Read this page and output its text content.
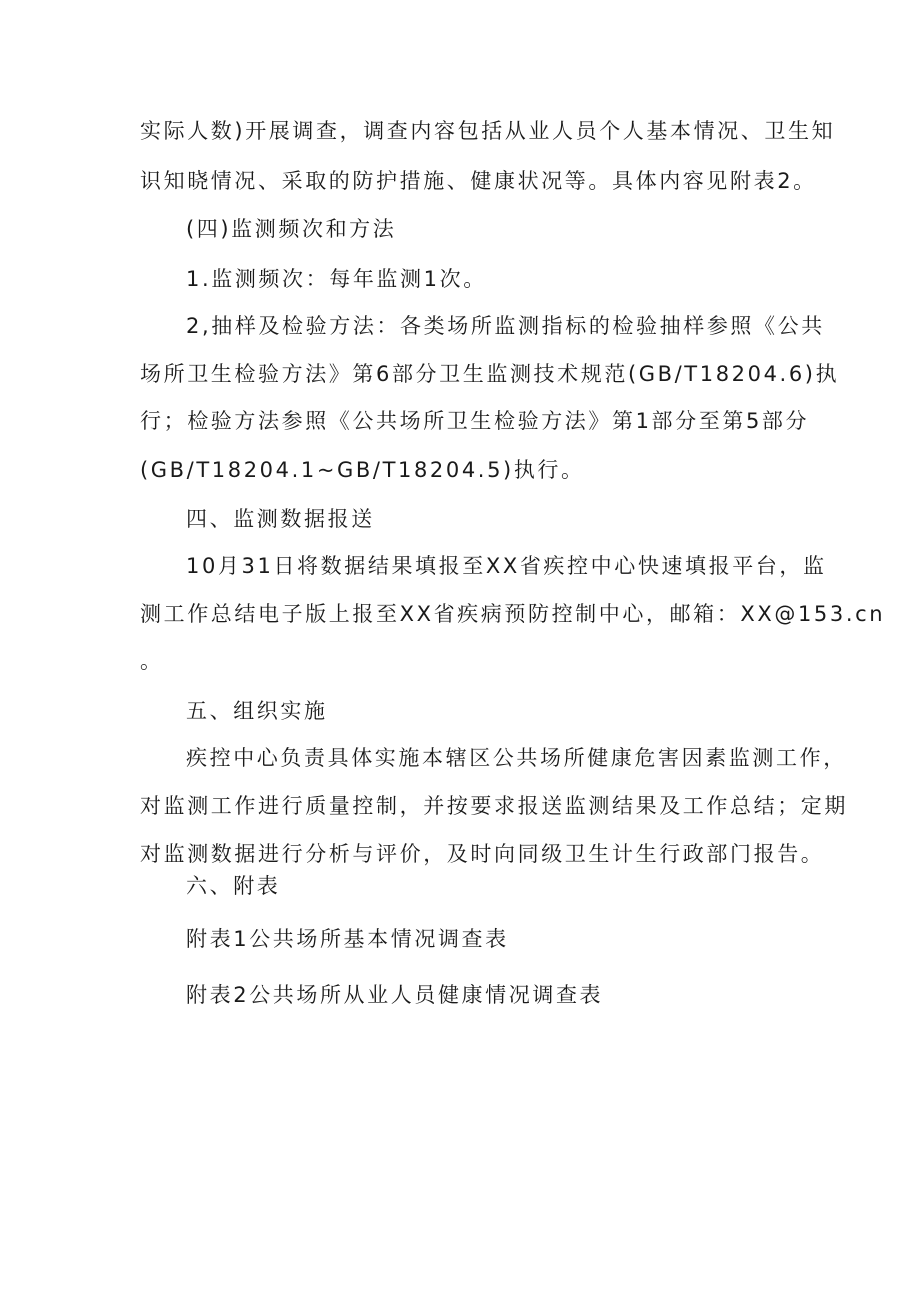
实际人数)开展调查，调查内容包括从业人员个人基本情况、卫生知
识知晓情况、采取的防护措施、健康状况等。具体内容见附表2。
(四)监测频次和方法
1.监测频次：每年监测1次。
2,抽样及检验方法：各类场所监测指标的检验抽样参照《公共
场所卫生检验方法》第6部分卫生监测技术规范(GB/T18204.6)执
行；检验方法参照《公共场所卫生检验方法》第1部分至第5部分
(GB/T18204.1~GB/T18204.5)执行。
四、监测数据报送
10月31日将数据结果填报至XX省疾控中心快速填报平台，监
测工作总结电子版上报至XX省疾病预防控制中心，邮箱：XX@153.cn
。
五、组织实施
疾控中心负责具体实施本辖区公共场所健康危害因素监测工作，
对监测工作进行质量控制，并按要求报送监测结果及工作总结；定期
对监测数据进行分析与评价，及时向同级卫生计生行政部门报告。
六、附表
附表1公共场所基本情况调查表
附表2公共场所从业人员健康情况调查表
